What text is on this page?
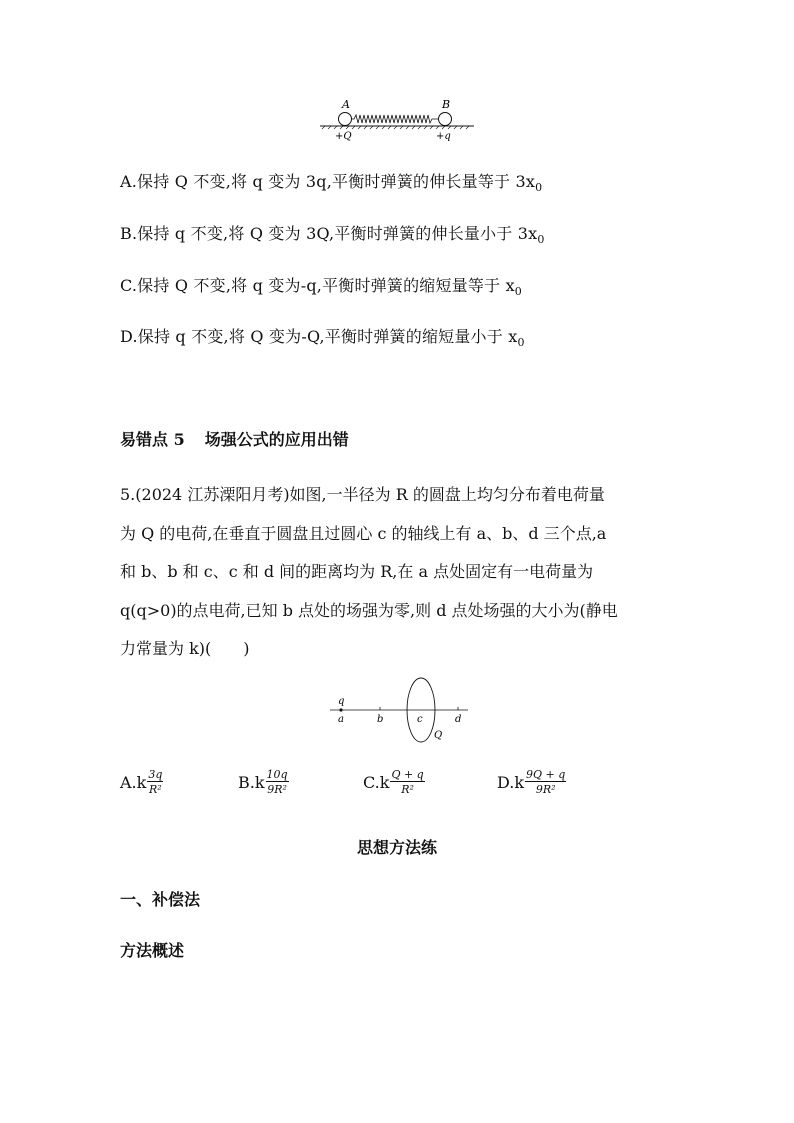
A	B
+Q	+q
A.保持 Q 不变,将 q 变为 3q,平衡时弹簧的伸长量等于 $3x_0$
B.保持 q 不变,将 Q 变为 3Q,平衡时弹簧的伸长量小于 $3x_0$
C.保持 Q 不变,将 q 变为-q,平衡时弹簧的缩短量等于 $x_0$
D.保持 q 不变,将 Q 变为-Q,平衡时弹簧的缩短量小于 $x_0$
易错点 5 场强公式的应用出错
5.(2024 江苏溧阳月考)如图,一半径为 R 的圆盘上均匀分布着电荷量
为 Q 的电荷,在垂直于圆盘且过圆心 c 的轴线上有 a、b、d 三个点,a
和 b、b 和 c、c 和 d 间的距离均为 R,在 a 点处固定有一电荷量为
q(q>0)的点电荷,已知 b 点处的场强为零,则 d 点处场强的大小为(静电
力常量为 k)(　　)
q
a	b	c	d
Q
$A.k \frac{3q}{\text{R²}}$	$B.k \frac{10q}{\text{9R²}}$	$C.k \frac{Q + q}{\text{R²}}$	$D.k \frac{9Q + q}{\text{9R²}}$
思想方法练
一、补偿法
方法概述
